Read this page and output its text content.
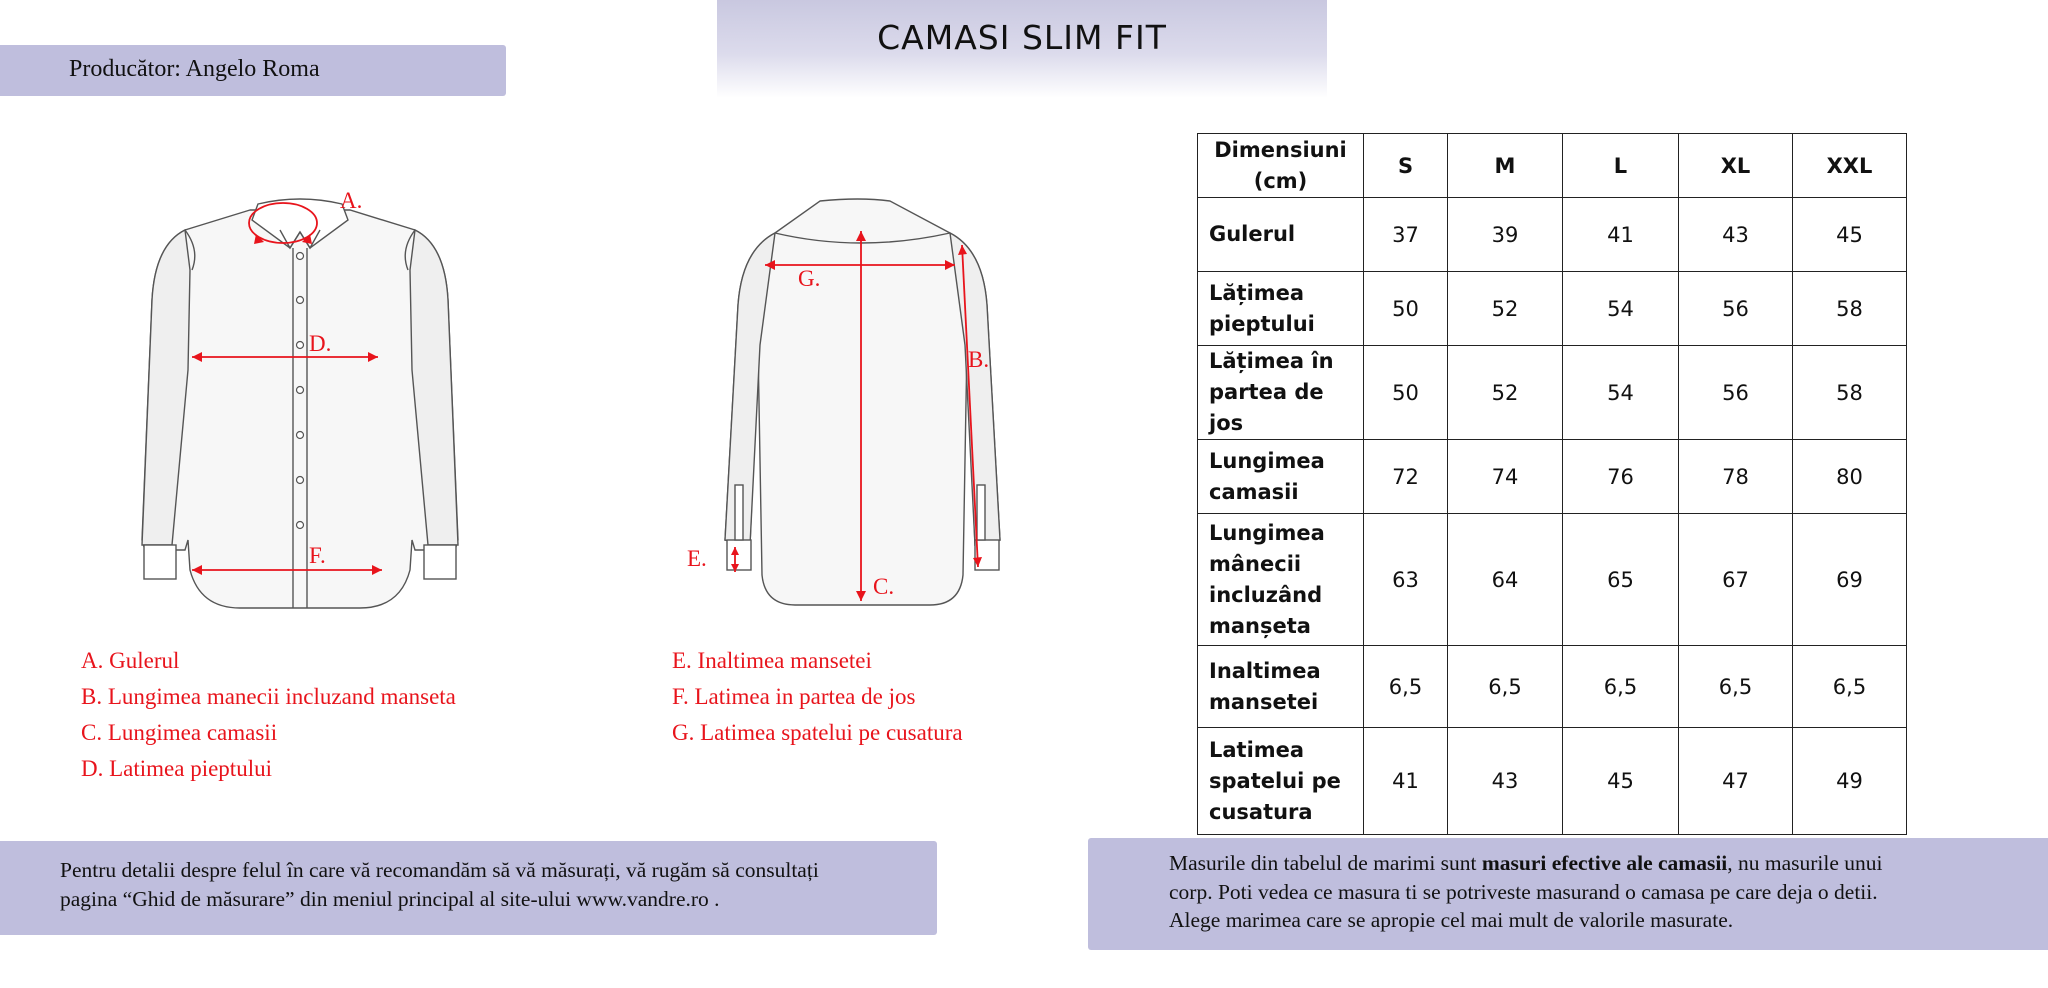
CAMASI SLIM FIT
Producător: Angelo Roma
A.
D.
F.
G.
B.
C.
E.
A. Gulerul
B. Lungimea manecii incluzand manseta
C. Lungimea camasii
D. Latimea pieptului
E. Inaltimea mansetei
F. Latimea in partea de jos
G. Latimea spatelui pe cusatura
Dimensiuni
(cm)	S	M	L	XL	XXL

Gulerul	37	39	41	43	45

Lățimea
pieptului	50	52	54	56	58

Lățimea în
partea de jos	50	52	54	56	58

Lungimea
camasii	72	74	76	78	80

Lungimea
mânecii
incluzând
manșeta	63	64	65	67	69

Inaltimea
mansetei	6,5	6,5	6,5	6,5	6,5

Latimea
spatelui pe
cusatura	41	43	45	47	49

Pentru detalii despre felul în care vă recomandăm să vă măsurați, vă rugăm să consultați
pagina “Ghid de măsurare” din meniul principal al site-ului www.vandre.ro .

Masurile din tabelul de marimi sunt masuri efective ale camasii, nu masurile unui
corp. Poti vedea ce masura ti se potriveste masurand o camasa pe care deja o detii.
Alege marimea care se apropie cel mai mult de valorile masurate.
